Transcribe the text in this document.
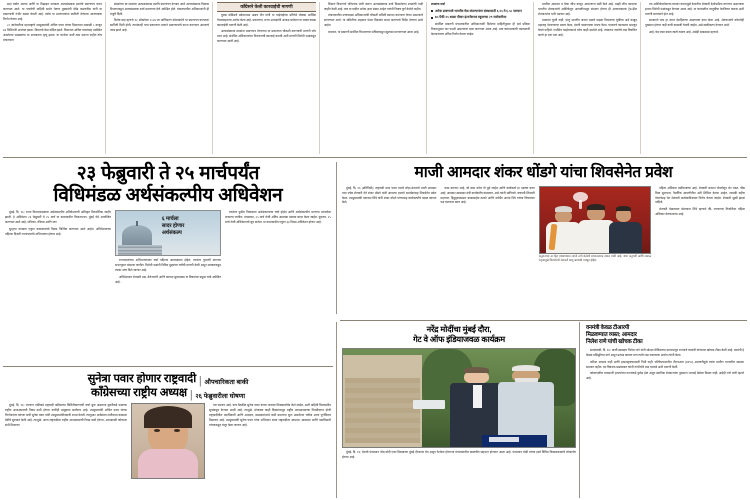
सहा वर्षात आल्या आणि या डिझाइन सरकला अल्पसंख्याक इतरांचे प्रमाणपत्र वाटप करण्यात आले. या पत्रानेची माहिती समोर येताच मुख्यमंत्री देवेंद्र फडणवीस यांनी या प्रकरणाची गंभीर दखल घेतली आहे. तसेच या प्रमाणपत्रांना स्थगिती देण्याचा आजच्याचा निर्णय घेतला आहे.

२८ जानेवारीला महाराष्ट्राचे उपमुख्यमंत्री अजित पवार यांच्या विमानाला सकाळी ८ वाजून ४६ मिनिटांनी अपघात झाला. विमानचे केस मोडित झाले. विमानात अजित पवारांसह उपस्थित असलेल्या समळ्यांचा या अपघातात मृत्यू झाला. या घटनेला कधी तास उलटत नाहीत तोच मंत्रालयात

संस्थांच्या ज्ञा शाळांना अल्पसंख्याक दर्जाचे प्रमाणपत्र देण्यात आले अल्पसंख्याक विकास विभागाकडून अल्पसंख्याक दर्जा प्रमाणपत्र देणे अपेक्षित होते. मंत्रालयातील अधिकाऱ्यांनी ही मंजुरी दिली.

विशेष बाब म्हणजे १२ ऑक्टोबर २०२४ ला मार्गिकरण कोलकाटेने या प्रमाणपत्र वाटपाला स्थगिती दिली होती. त्यानंतरही याच प्रकरणात नव्याने प्रमाणपत्रांचे वाटप करण्यात आल्याचे उघड झाले आहे.

काँग्रेसने केली कारवाईची मागणी

युवक काँग्रेसचे प्रदेशाध्यक्ष अक्षय जैन यांनी या पाईपाईच्या प्रतिनेने मोक्का आर्थिक गैरव्यवहाराचा आरोप केला आहे. प्रकरणात, राज्य अध्यक्षांनी अध्यक्ष प्रयोजन या व्यक्त कडक कारवाईची मागणी केली आहे.

अल्पसंख्याक शाळांना प्रमाणपत्र देण्याच्या या प्रकरणात चौकशी करण्याची मागणी जोर धरत आहे. संबंधित अधिकाऱ्यांवर निलंबनाची कारवाई करावी अशी मागणी विरोधी पक्षांकडून करण्यात आली आहे.

शिक्षण विभागाने परिपत्रक जारी करून अल्पसंख्याक दर्जा मिळालेल्या शाळांची यादी जाहीर केली आहे. मात्र या यादीत अनेक अशा संस्था आहेत ज्यांनी निकष पूर्ण केलेले नाहीत.

मंत्रालयातील उच्चपदस्थ अधिकाऱ्यांची चौकशी समिती स्थापन करण्यात येणार असल्याचे सांगण्यात आले. या समितीचा अहवाल पंधरा दिवसांत सादर करण्याचे निर्देश देण्यात आले आहेत.

दरम्यान, या प्रकरणी संबंधित विभागाच्या सचिवांकडून खुलासा मागवण्यात आला आहे.

शाळांना दर्जा

अनेक प्रमाणपत्रे भारतीय वेळ संपल्यानंतर संस्थासाठी ६.२५ ते ६.५८ दरम्यान
७५ पैकी २५ शाळा पीवार इंटरनॅशनल स्कूलच्या २९ जानेवारीला

संबंधित प्रकरणी मंत्रालयातील अधिकाऱ्यांनी दिलेल्या माहितीनुसार ही सर्व प्रक्रिया नियमानुसार पार पडली असल्याचा दावा करण्यात आला आहे. मात्र कागदपत्रांची पडताळणी केल्यानंतरच अंतिम निर्णय घेतला जाईल.

माजीना आमदार व नेत्या जीभ कापून आपल्याना बळी केले आहे. माझी जीभ कापल्या भारतीय शेतकऱ्यांचे अमेरिकेतून आयातीपासून संरक्षण होणार ही अन्यायकारक ट्रेड-डील शेतकऱ्यांना भारी पडणार आहे.

याबाबत चुप्पी नाही. परंतु भारतीय जनता पक्षाने माझ्या विधानाचा चुकीचा अर्थ काढून महाराष्ट्र पेटवण्याचा प्रयत्न केला, दंगली घडवण्याचा प्रयत्न केला. यामागचे कारस्थान समजून घेतले पाहिजे. एपस्टिन फाईलनमध्ये बरेच काही दडलेले आहे, त्यावरून जनतेचे लक्ष विचलित करणे हा एक भाग आहे.

त्या अमेरिकेबरोबरचा व्यापार करारामुळे देशातील शेतकरी देशोधडीला लागणार असल्याचा इशारा विरोधी पक्षांकडून देण्यात आला आहे. या करारातील तरतुदींचा फेरविचार करावा अशी मागणी सातत्याने होत आहे.

सरकारने मात्र हा करार देशहिताचा असल्याचा दावा केला आहे. शेतकऱ्यांचे कोणतेही नुकसान होणार नाही याची काळजी घेतली जाईल, असे स्पष्टीकरण देण्यात आले.

आहे, चंद्र जसा वाढत जातो तसाच आहे. असेही सकळाळ म्हणाले.

२३ फेब्रुवारी ते २५ मार्चपर्यंत
विधिमंडळ अर्थसंकल्पीय अधिवेशन

मुंबई, दि. १६: राज्य विधानमंडळाचा अर्थसंकल्पीय अधिवेशनाची अधिकृत दिनदर्शिका जाहीर झाली. हे अधिवेशन २३ फेब्रुवारी ते २५ मार्च या कालावधीत विधानभवन, मुंबई येथे आयोजित करण्यात आले आहे. शनिवार, रविवार आणि सण

सुट्ट्या वगळता एकूण कामकाजाचे दिवस निश्चित करण्यात आले आहेत. अधिवेशनाच्या पहिल्या दिवशी राज्यपालांचे अभिभाषण होणार आहे.

६ मार्चला
सादर होणार
अर्थसंकल्प

राज्यपालांच्या अभिभाषणावर चर्चा पहिल्या आठवड्यात होईल. त्यानंतर पुरवणी मागण्या सभागृहात मांडल्या जातील. विरोधी पक्षांनी विविध मुद्द्यांवर चर्चेची मागणी केली असून सरकारकडून त्यावर उत्तर दिले जाणार आहे.

अधिवेशनात शेतकरी प्रश्न, बेरोजगारी आणि कायदा सुव्यवस्था या विषयांवर प्रमुख चर्चा अपेक्षित आहे.

त्यानंतर पुढील विकासात अर्थसंकल्पाचा चर्चा होईल आणि अर्थसंकल्पीय मागण्या मान्यतेला टाकल्या जातील. मंगळवार, २५ मार्च रोजी अंतिम आठवडा प्रस्ताव सादर केला जाईल. बुधवार, २५ मार्च रोजी अधिवेशनाचे सूप वाजेल. या कालावधीत एकूण ३३ दिवस अधिवेशन होणार आहे.

माजी आमदार शंकर धोंडगे यांचा शिवसेनेत प्रवेश

मुंबई, दि. १६ (प्रतिनिधी): राष्ट्रवादी शरद पवार गटाचे लोहा-कंधारचे माजी आमदार तथा ज्येष्ठ शेतकरी नेते शंकर धोंडगे यांनी आपल्या हजारो समर्थकांसह शिवसेनेत प्रवेश केला. उपमुख्यमंत्री एकनाथ शिंदे यांनी शंकर धोंडगे यांच्यासह कार्यकर्त्यांचे पक्षात स्वागत केले.

काम करणार आहे, जो काम करेल तो पुढे जाईल आणि कार्यकर्ता हा पक्षाचा कणा आहे; आमदार-खासदार-मंत्री कार्यकर्तेच घडवतात, असे त्यांनी सांगितले. छत्रपती शिवाजी महाराज, हिंदुहृदयसम्राट बाळासाहेब ठाकरे आणि धर्मवीर आनंद दिघे यांच्या विचारांवर पक्ष वाटचाल करत आहे.

अनुमतच्या अोहेत माध्यमाघात त्यांनी उभी केलेली संघटनात्मक ताकद मोठी आहे. जशा अनुभवी आणि लढाऊ नेतृत्वामुळे शिवसेनेची शेतकरी बाजू आणखी मजबूत होईल.

पहिला अधिकार बळीराजाचा आहे. शेतकरी सन्मान योजनेतून थेट मदत, पीक विमा सुलभता, नैसर्गिक आपत्तीतील अटी शिथिल केल्या आहेत. लाडकी बहीण योजनेसह थेट शेतकरी कर्जमाफीबाबत निर्णय घेतला जाईल. शेतकरी सुखी झाला पाहिजे.

शेतकरी मेळाव्यात बोलताना शिंदे म्हणाले की, राज्याच्या तिजोरीवर पहिला अधिकार शेतकऱ्याचा आहे.

सुनेत्रा पवार होणार राष्ट्रवादी | औपचारिकता बाकी
काँग्रेसच्या राष्ट्रीय अध्यक्ष | २६ फेब्रुवारीला घोषणा

मुंबई, दि. १६: राज्यात एकीकडे राष्ट्रवादी काँग्रेसच्या विलिनीकरणाची चर्चा सुरू असताना दुसरीकडे पक्षाच्या राष्ट्रीय अध्यक्षपदाची निवड कधी होणार याचीही उत्सुकता सर्वांनाच आहे. उपमुख्यमंत्री अजित पवार यांच्या निर्णयानंतर त्यांच्या पत्नी सुनेत्रा पवार यांनी उपमुख्यमंत्रीपदाची शपथ घेतली. त्यानुसार, सर्वसंमत राजीनामा कामाला देवीचे सुरुवात केली आहे. त्यामुळे, आता राष्ट्रवादीला राष्ट्रीय अध्यक्षपदाची निवड कधी होणार, अध्यक्षपदी कोणाला संधी मिळणार

पार पडणार आहे. याच बैठकीत सुनेत्रा पवार यांच्या नावावर शिक्कामोर्तब केले जाईल, अशी माहिती विश्वसनीय सूत्रांकडून देण्यात आली आहे. त्यामुळे, मोजक्या काही दिवसांपासून राष्ट्रीय अध्यक्षपदाच्या निवडीवरून होणी राष्ट्रवादीतील पदाधिकारी आणि आमदार, खासदारांमध्ये कधी प्रमाणात सुरू असलेल्या चर्चेला आता पूर्णविराम मिळणार आहे. उपमुख्यमंत्री सुनेत्रा पवार यांचा अभिनंदन ठराव राष्ट्रवादीला आमदार, खासदार आणि पदाधिकारी यांच्याकडून मंजूर केला जाणार आहे.

नरेंद्र मोदींचा मुंबई दौरा,
गेट वे ऑफ इंडियाजवळ कार्यक्रम

मुंबई, दि. १६: देशाचे पंतप्रधान नरेंद्र मोदी एका दिवसाच्या मुंबई दौऱ्यावर येत असून गेटवेला होणाऱ्या मंत्रालयातील वास्तवीत सहभाग होण्यात आला आहे. पंतप्रधान मोदी यांच्या हस्ते विविध विकासकामांचे लोकार्पण होणार आहे.

वनमंत्री केवळ टीआरपी
मिळवण्यात व्यस्त; आमदार
निलेश राणे यांची खोचक टीका

सावंतवाडी, दि. १६: माजी खासदार निलेश राणे यांनी सोशल मीडियाच्या माध्यमातून राज्याचे वनमंत्री यांच्यावर खोचक टीका केली आहे. वनमंत्री हे केवळ प्रसिद्धीच्या मागे असून प्रत्यक्ष कामात मात्र त्यांचे लक्ष नसल्याचा आरोप त्यांनी केला.

फॉरेस्ट आपला नाही आणि इन्फ्रास्ट्रक्चरसाठी निधी नाही. पश्चिमघाटातील टीएफआर (DFO) अडचणीमुळे त्यांना ग्रामीण भागातील समस्या समजत नाहीत. वन विषयक प्रश्नांबाबत त्यांनी गांभीर्याने लक्ष घालावे अशी मागणी केली.

कोकणातील वन्यप्राणी हल्ल्यांच्या घटनांकडे दुर्लक्ष होत असून स्थानिक शेतकऱ्यांना नुकसान भरपाई वेळेवर मिळत नाही, असेही राणे यांनी म्हटले आहे.
